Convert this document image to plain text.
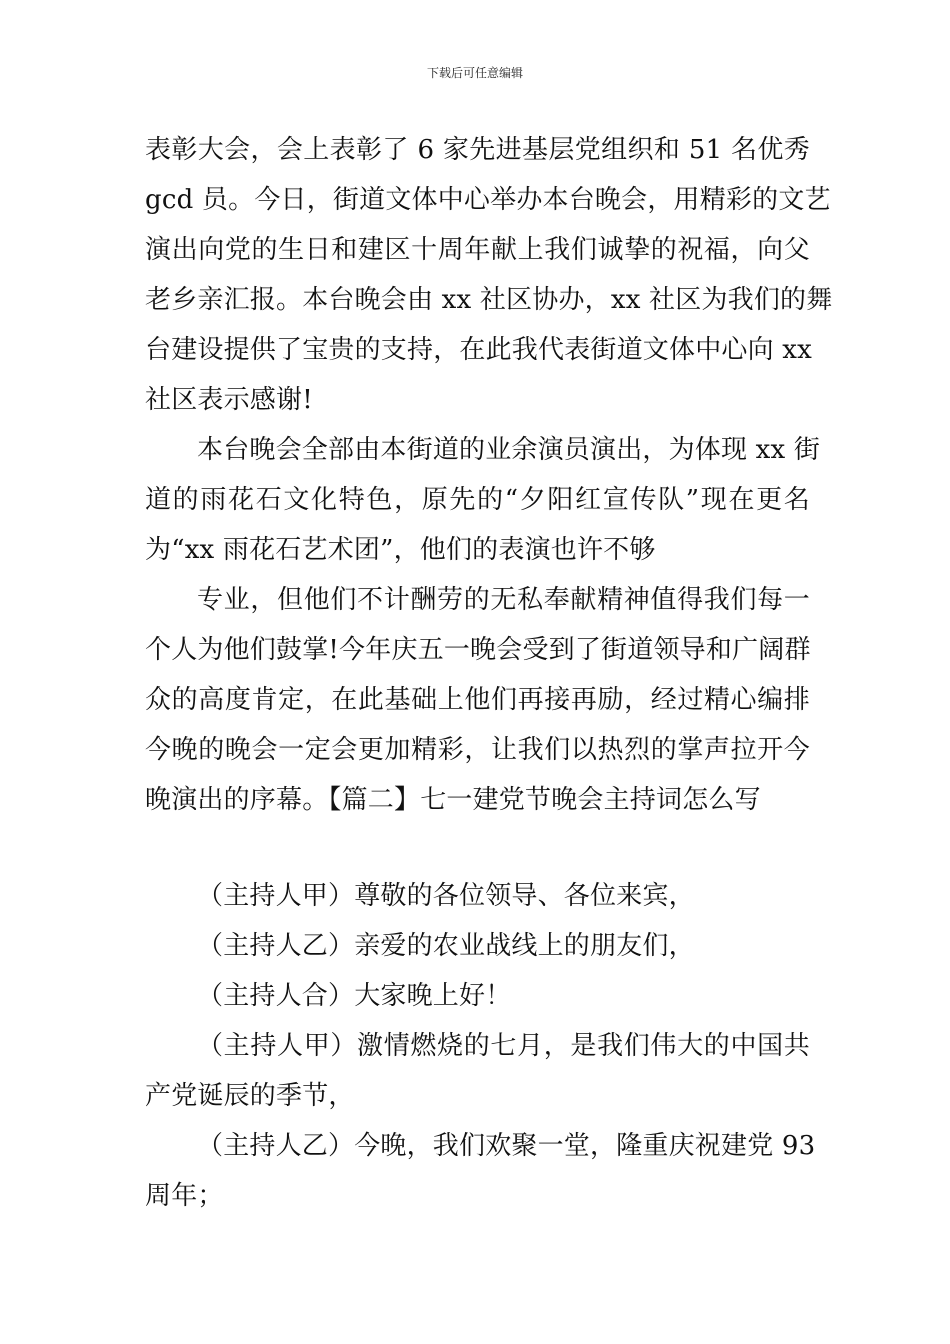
下载后可任意编辑
表彰大会，会上表彰了 6 家先进基层党组织和 51 名优秀
gcd 员。今日，街道文体中心举办本台晚会，用精彩的文艺
演出向党的生日和建区十周年献上我们诚挚的祝福，向父
老乡亲汇报。本台晚会由 xx 社区协办，xx 社区为我们的舞
台建设提供了宝贵的支持，在此我代表街道文体中心向 xx
社区表示感谢!
本台晚会全部由本街道的业余演员演出，为体现 xx 街
道的雨花石文化特色，原先的“夕阳红宣传队”现在更名
为“xx 雨花石艺术团”，他们的表演也许不够
专业，但他们不计酬劳的无私奉献精神值得我们每一
个人为他们鼓掌!今年庆五一晚会受到了街道领导和广阔群
众的高度肯定，在此基础上他们再接再励，经过精心编排
今晚的晚会一定会更加精彩，让我们以热烈的掌声拉开今
晚演出的序幕。【篇二】七一建党节晚会主持词怎么写
（主持人甲）尊敬的各位领导、各位来宾，
（主持人乙）亲爱的农业战线上的朋友们，
（主持人合）大家晚上好！
（主持人甲）激情燃烧的七月，是我们伟大的中国共
产党诞辰的季节，
（主持人乙）今晚，我们欢聚一堂，隆重庆祝建党 93
周年；
